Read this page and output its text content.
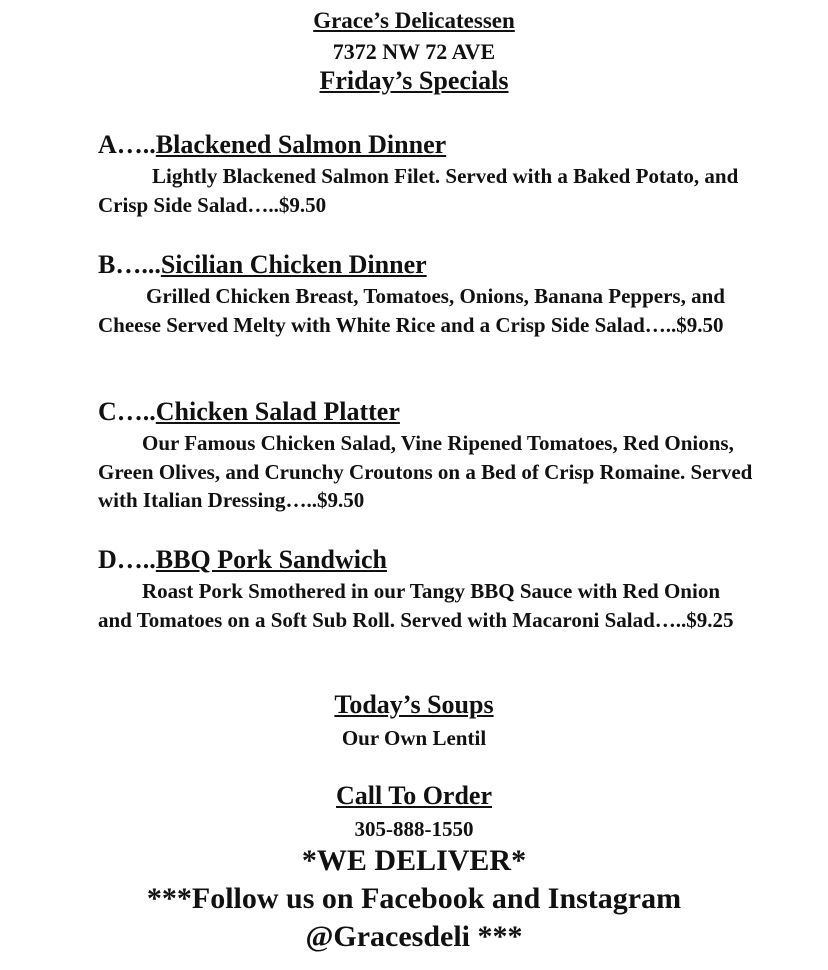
Grace’s Delicatessen
7372 NW 72 AVE
Friday’s Specials
A…..Blackened Salmon Dinner
Lightly Blackened Salmon Filet. Served with a Baked Potato, and Crisp Side Salad…..$9.50
B…...Sicilian Chicken Dinner
Grilled Chicken Breast, Tomatoes, Onions, Banana Peppers, and Cheese Served Melty with White Rice and a Crisp Side Salad…..$9.50
C…..Chicken Salad Platter
Our Famous Chicken Salad, Vine Ripened Tomatoes, Red Onions, Green Olives, and Crunchy Croutons on a Bed of Crisp Romaine. Served with Italian Dressing…..$9.50
D…..BBQ Pork Sandwich
Roast Pork Smothered in our Tangy BBQ Sauce with Red Onion and Tomatoes on a Soft Sub Roll. Served with Macaroni Salad…..$9.25
Today’s Soups
Our Own Lentil
Call To Order
305-888-1550
*WE DELIVER*
***Follow us on Facebook and Instagram
@Gracesdeli ***
